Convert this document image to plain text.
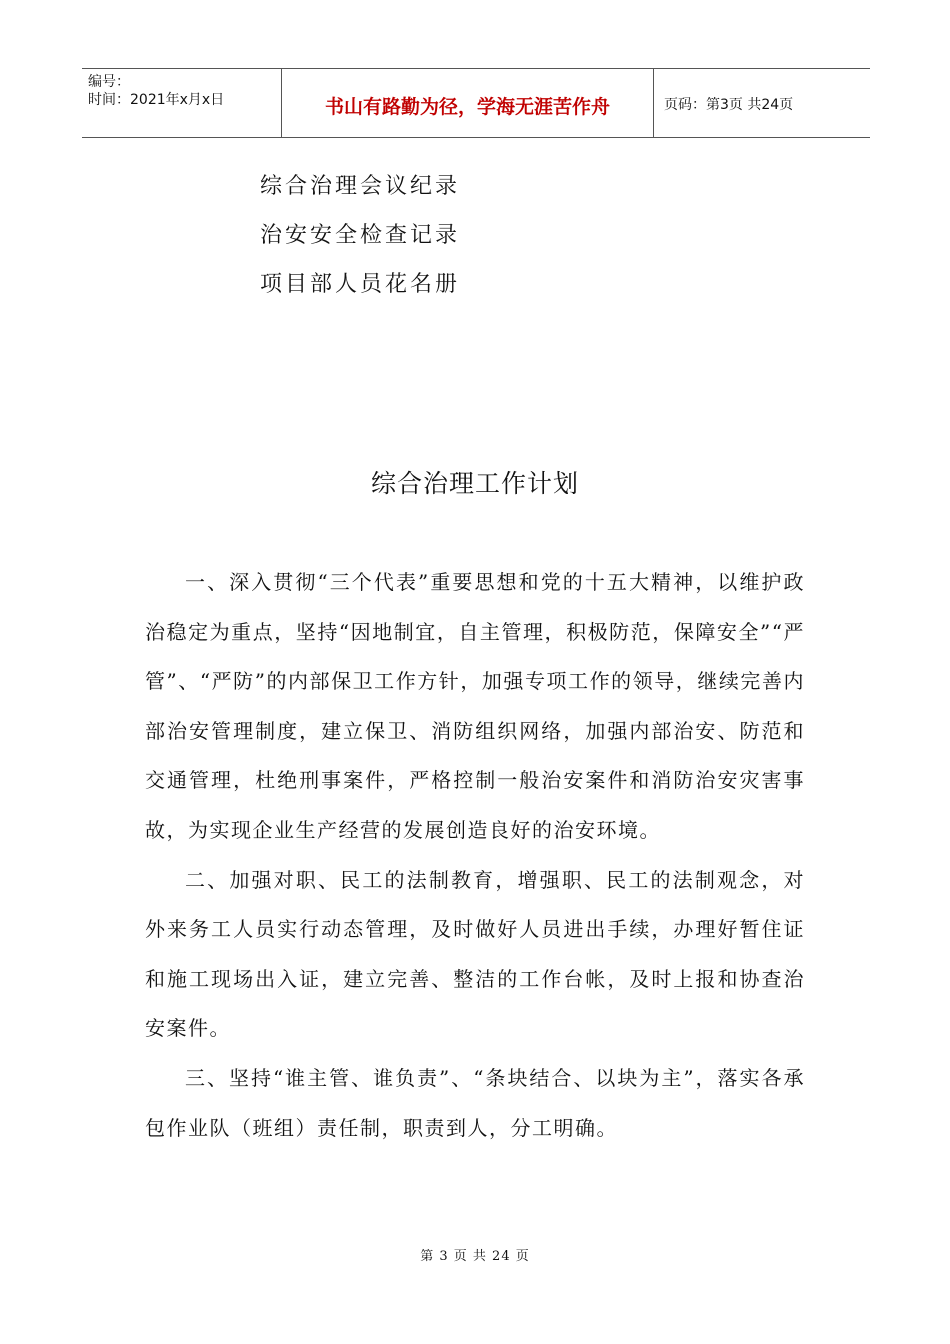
编号：
时间：2021年x月x日	书山有路勤为径，学海无涯苦作舟	页码：第3页 共24页
综合治理会议纪录
治安安全检查记录
项目部人员花名册
综合治理工作计划

一、深入贯彻“三个代表”重要思想和党的十五大精神，以维护政治稳定为重点，坚持“因地制宜，自主管理，积极防范，保障安全”“严管”、“严防”的内部保卫工作方针，加强专项工作的领导，继续完善内部治安管理制度，建立保卫、消防组织网络，加强内部治安、防范和交通管理，杜绝刑事案件，严格控制一般治安案件和消防治安灾害事故，为实现企业生产经营的发展创造良好的治安环境。

二、加强对职、民工的法制教育，增强职、民工的法制观念，对外来务工人员实行动态管理，及时做好人员进出手续，办理好暂住证和施工现场出入证，建立完善、整洁的工作台帐，及时上报和协查治安案件。

三、坚持“谁主管、谁负责”、“条块结合、以块为主”，落实各承包作业队（班组）责任制，职责到人，分工明确。

第 3 页 共 24 页
